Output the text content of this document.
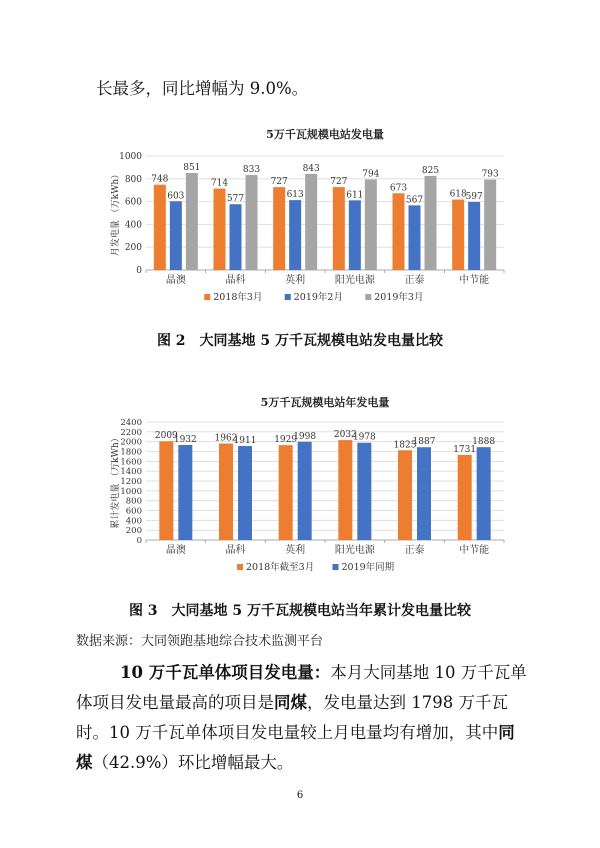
长最多，同比增幅为 9.0%。
5万千瓦规模电站发电量
0
200
400
600
800
1000
月发电量 （万kWh）	748
603
851
晶澳
714
577
833
晶科
727
613
843
英利
727
611
794
阳光电源
673
567
825
正泰
618
597
793
中节能
2018年3月	2019年2月	2019年3月
图 2　大同基地 5 万千瓦规模电站发电量比较
5万千瓦规模电站年发电量
0
200
400
600
800
1000
1200
1400
1600
1800
2000
2200
2400
累计发电量 （万kWh）	2009
1932
晶澳
1962
1911
晶科
1929
1998
英利
2032
1978
阳光电源
1825
1887
正泰
1731
1888
中节能
2018年截至3月	2019年同期
图 3　大同基地 5 万千瓦规模电站当年累计发电量比较
数据来源：大同领跑基地综合技术监测平台
10 万千瓦单体项目发电量：本月大同基地 10 万千瓦单
体项目发电量最高的项目是同煤，发电量达到 1798 万千瓦
时。10 万千瓦单体项目发电量较上月电量均有增加，其中同
煤（42.9%）环比增幅最大。
6
